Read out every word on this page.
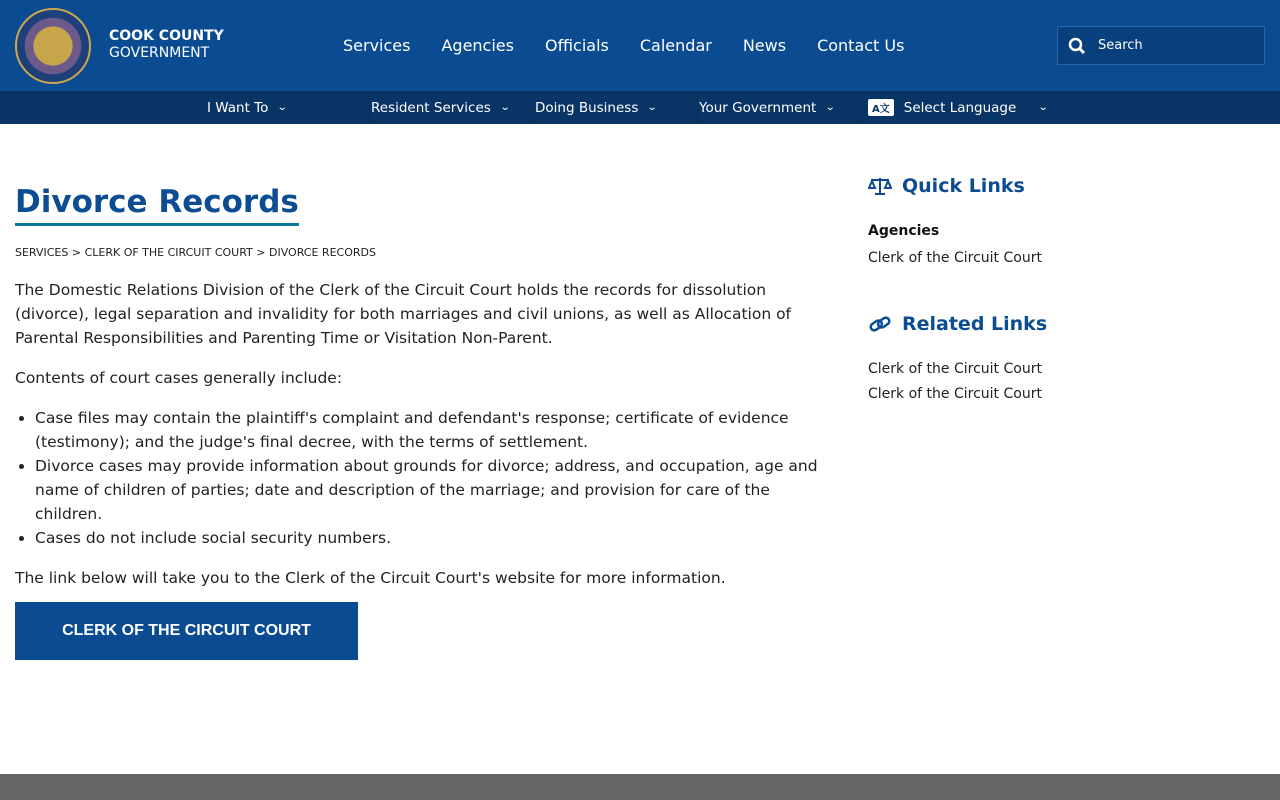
COOK COUNTY
GOVERNMENT	Services Agencies Officials Calendar News Contact Us	Search
I Want To ⌄	Resident Services ⌄ Doing Business ⌄	Your Government ⌄	A文 Select Language ⌄
Divorce Records
SERVICES > CLERK OF THE CIRCUIT COURT > DIVORCE RECORDS

The Domestic Relations Division of the Clerk of the Circuit Court holds the records for dissolution (divorce), legal separation and invalidity for both marriages and civil unions, as well as Allocation of Parental Responsibilities and Parenting Time or Visitation Non-Parent.

Contents of court cases generally include:

• Case files may contain the plaintiff's complaint and defendant's response; certificate of evidence (testimony); and the judge's final decree, with the terms of settlement.
• Divorce cases may provide information about grounds for divorce; address, and occupation, age and name of children of parties; date and description of the marriage; and provision for care of the children.
• Cases do not include social security numbers.

The link below will take you to the Clerk of the Circuit Court's website for more information.

CLERK OF THE CIRCUIT COURT
Quick Links
Agencies
Clerk of the Circuit Court
Related Links
Clerk of the Circuit Court
Clerk of the Circuit Court
